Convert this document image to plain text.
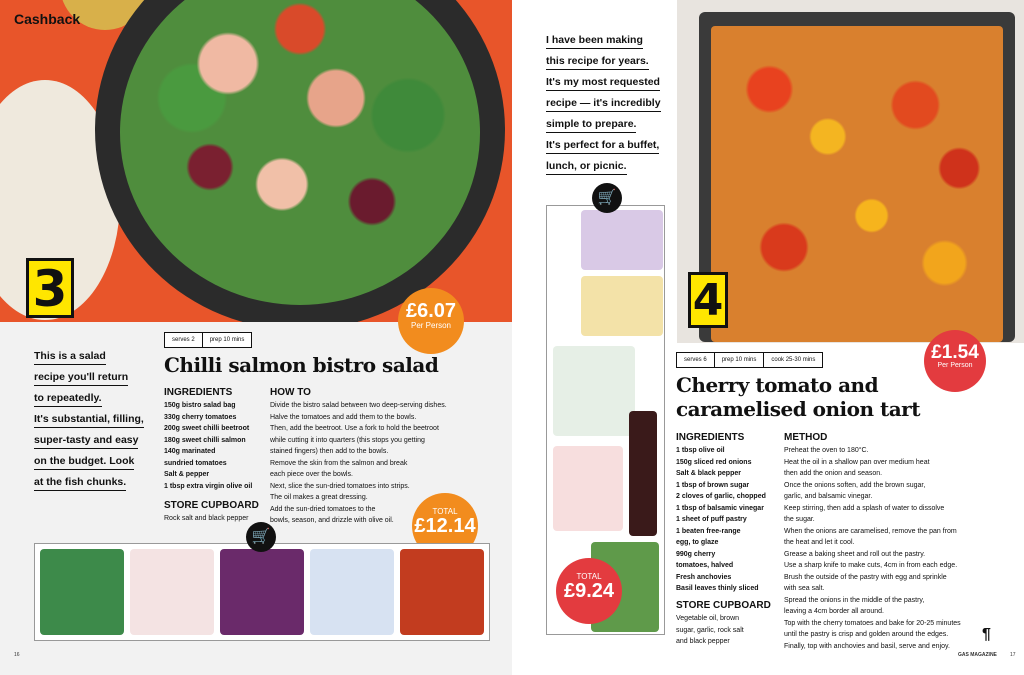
Cashback
3
This is a salad
recipe you'll return
to repeatedly.
It's substantial, filling,
super-tasty and easy
on the budget. Look
at the fish chunks.
serves 2	prep 10 mins
Chilli salmon bistro salad
INGREDIENTS
150g bistro salad bag
330g cherry tomatoes
200g sweet chilli beetroot
180g sweet chilli salmon
140g marinated
sundried tomatoes
Salt & pepper
1 tbsp extra virgin olive oil
STORE CUPBOARD
Rock salt and black pepper
HOW TO
Divide the bistro salad between two deep-serving dishes.
Halve the tomatoes and add them to the bowls.
Then, add the beetroot. Use a fork to hold the beetroot
while cutting it into quarters (this stops you getting
stained fingers) then add to the bowls.
Remove the skin from the salmon and break
each piece over the bowls.
Next, slice the sun-dried tomatoes into strips.
The oil makes a great dressing.
Add the sun-dried tomatoes to the
bowls, season, and drizzle with olive oil.
£6.07
Per Person
TOTAL
£12.14
🛒
16
I have been making
this recipe for years.
It's my most requested
recipe — it's incredibly
simple to prepare.
It's perfect for a buffet,
lunch, or picnic.
4
🛒
serves 6	prep 10 mins	cook 25-30 mins
Cherry tomato and
caramelised onion tart
£1.54
Per Person
TOTAL
£9.24
INGREDIENTS
1 tbsp olive oil
150g sliced red onions
Salt & black pepper
1 tbsp of brown sugar
2 cloves of garlic, chopped
1 tbsp of balsamic vinegar
1 sheet of puff pastry
1 beaten free-range
egg, to glaze
990g cherry
tomatoes, halved
Fresh anchovies
Basil leaves thinly sliced
STORE CUPBOARD
Vegetable oil, brown
sugar, garlic, rock salt
and black pepper
METHOD
Preheat the oven to 180°C.
Heat the oil in a shallow pan over medium heat
then add the onion and season.
Once the onions soften, add the brown sugar,
garlic, and balsamic vinegar.
Keep stirring, then add a splash of water to dissolve
the sugar.
When the onions are caramelised, remove the pan from
the heat and let it cool.
Grease a baking sheet and roll out the pastry.
Use a sharp knife to make cuts, 4cm in from each edge.
Brush the outside of the pastry with egg and sprinkle
with sea salt.
Spread the onions in the middle of the pastry,
leaving a 4cm border all around.
Top with the cherry tomatoes and bake for 20-25 minutes
until the pastry is crisp and golden around the edges.
Finally, top with anchovies and basil, serve and enjoy.
¶
17
GAS MAGAZINE
